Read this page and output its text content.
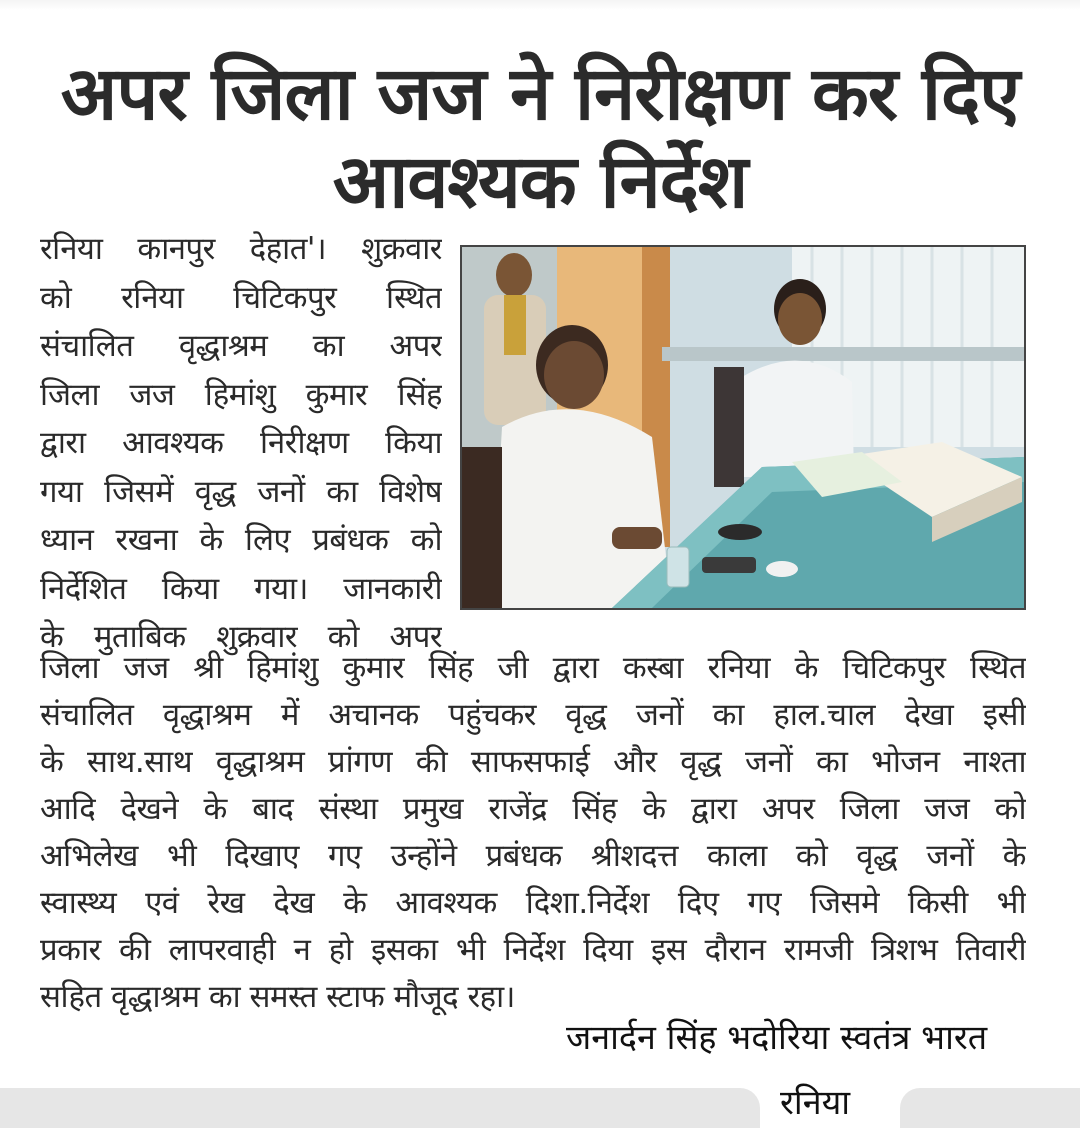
अपर जिला जज ने निरीक्षण कर दिए
आवश्यक निर्देश
रनिया कानपुर देहात'। शुक्रवार
को रनिया चिटिकपुर स्थित
संचालित वृद्धाश्रम का अपर
जिला जज हिमांशु कुमार सिंह
द्वारा आवश्यक निरीक्षण किया
गया जिसमें वृद्ध जनों का विशेष
ध्यान रखना के लिए प्रबंधक को
निर्देशित किया गया। जानकारी
के मुताबिक शुक्रवार को अपर
जिला जज श्री हिमांशु कुमार सिंह जी द्वारा कस्बा रनिया के चिटिकपुर स्थित
संचालित वृद्धाश्रम में अचानक पहुंचकर वृद्ध जनों का हाल.चाल देखा इसी
के साथ.साथ वृद्धाश्रम प्रांगण की साफसफाई और वृद्ध जनों का भोजन नाश्ता
आदि देखने के बाद संस्था प्रमुख राजेंद्र सिंह के द्वारा अपर जिला जज को
अभिलेख भी दिखाए गए उन्होंने प्रबंधक श्रीशदत्त काला को वृद्ध जनों के
स्वास्थ्य एवं रेख देख के आवश्यक दिशा.निर्देश दिए गए जिसमे किसी भी
प्रकार की लापरवाही न हो इसका भी निर्देश दिया इस दौरान रामजी त्रिशभ तिवारी
सहित वृद्धाश्रम का समस्त स्टाफ मौजूद रहा।
जनार्दन सिंह भदोरिया स्वतंत्र भारत
रनिया
